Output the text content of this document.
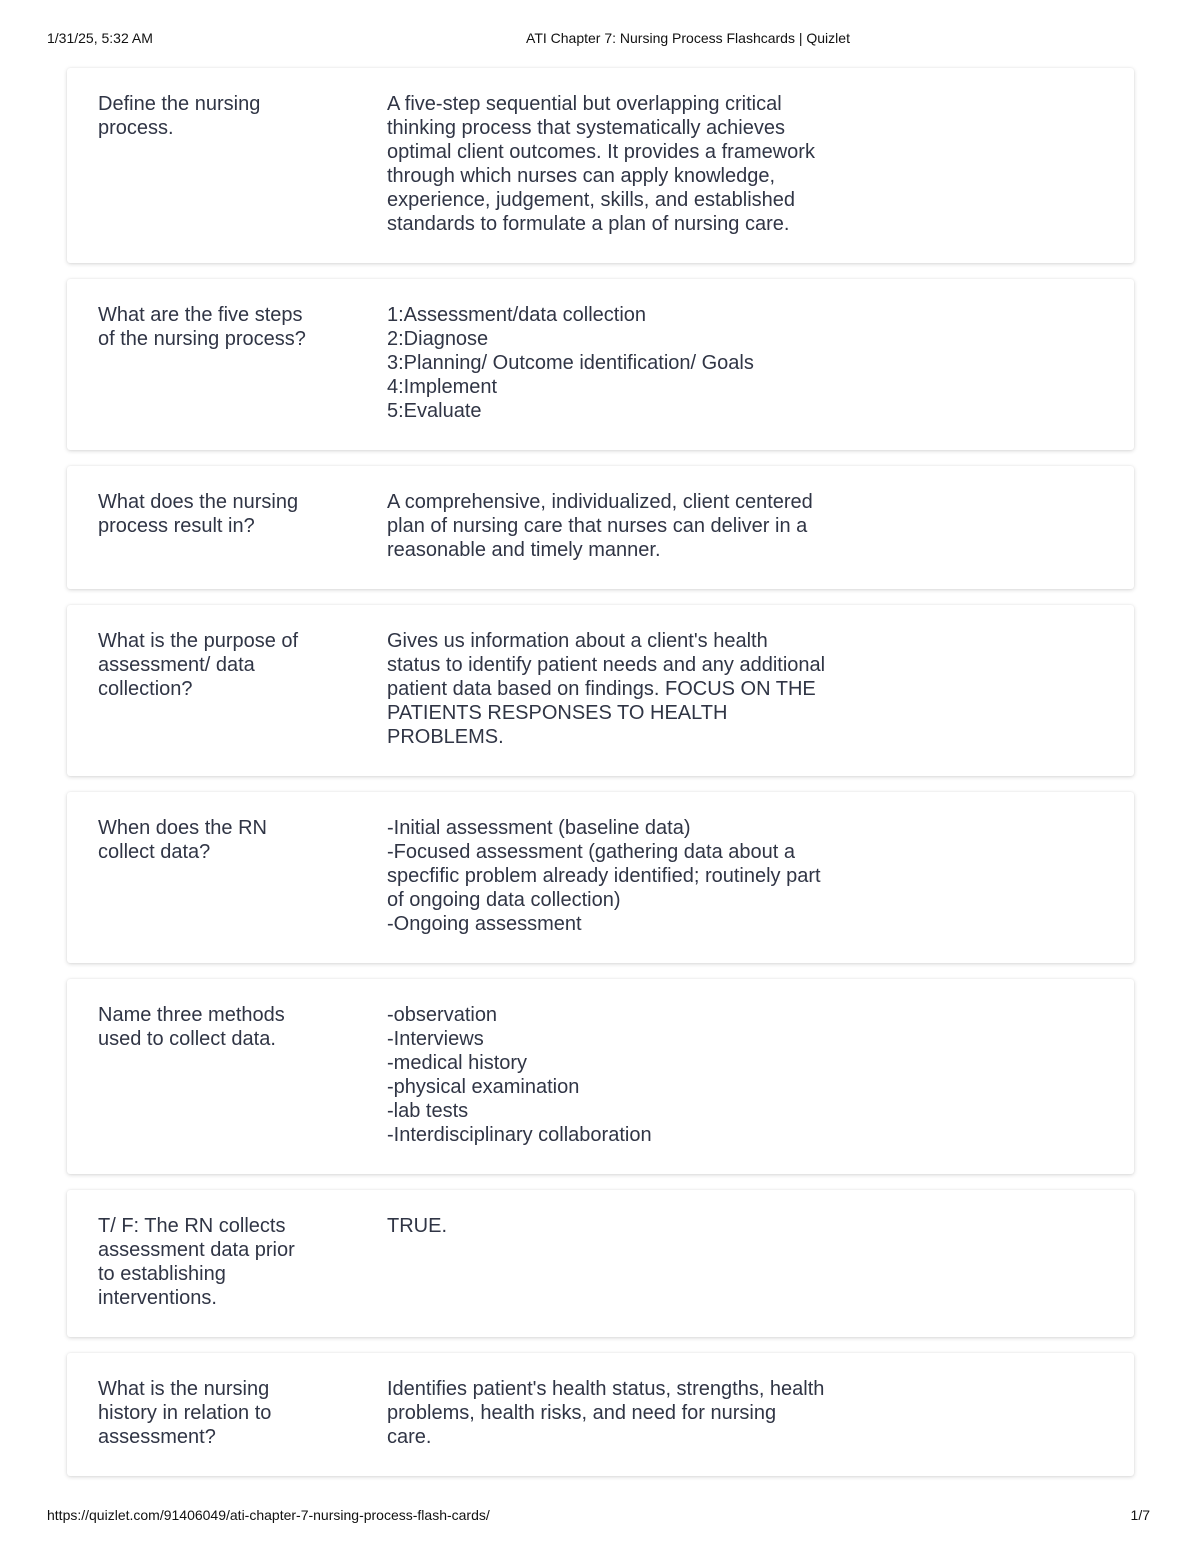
1/31/25, 5:32 AM	ATI Chapter 7: Nursing Process Flashcards | Quizlet
Define the nursing
process.
A five-step sequential but overlapping critical
thinking process that systematically achieves
optimal client outcomes. It provides a framework
through which nurses can apply knowledge,
experience, judgement, skills, and established
standards to formulate a plan of nursing care.
What are the five steps
of the nursing process?
1:Assessment/data collection
2:Diagnose
3:Planning/ Outcome identification/ Goals
4:Implement
5:Evaluate
What does the nursing
process result in?
A comprehensive, individualized, client centered
plan of nursing care that nurses can deliver in a
reasonable and timely manner.
What is the purpose of
assessment/ data
collection?
Gives us information about a client's health
status to identify patient needs and any additional
patient data based on findings. FOCUS ON THE
PATIENTS RESPONSES TO HEALTH
PROBLEMS.
When does the RN
collect data?
-Initial assessment (baseline data)
-Focused assessment (gathering data about a
specfific problem already identified; routinely part
of ongoing data collection)
-Ongoing assessment
Name three methods
used to collect data.
-observation
-Interviews
-medical history
-physical examination
-lab tests
-Interdisciplinary collaboration
T/ F: The RN collects
assessment data prior
to establishing
interventions.
TRUE.
What is the nursing
history in relation to
assessment?
Identifies patient's health status, strengths, health
problems, health risks, and need for nursing
care.
https://quizlet.com/91406049/ati-chapter-7-nursing-process-flash-cards/	1/7
